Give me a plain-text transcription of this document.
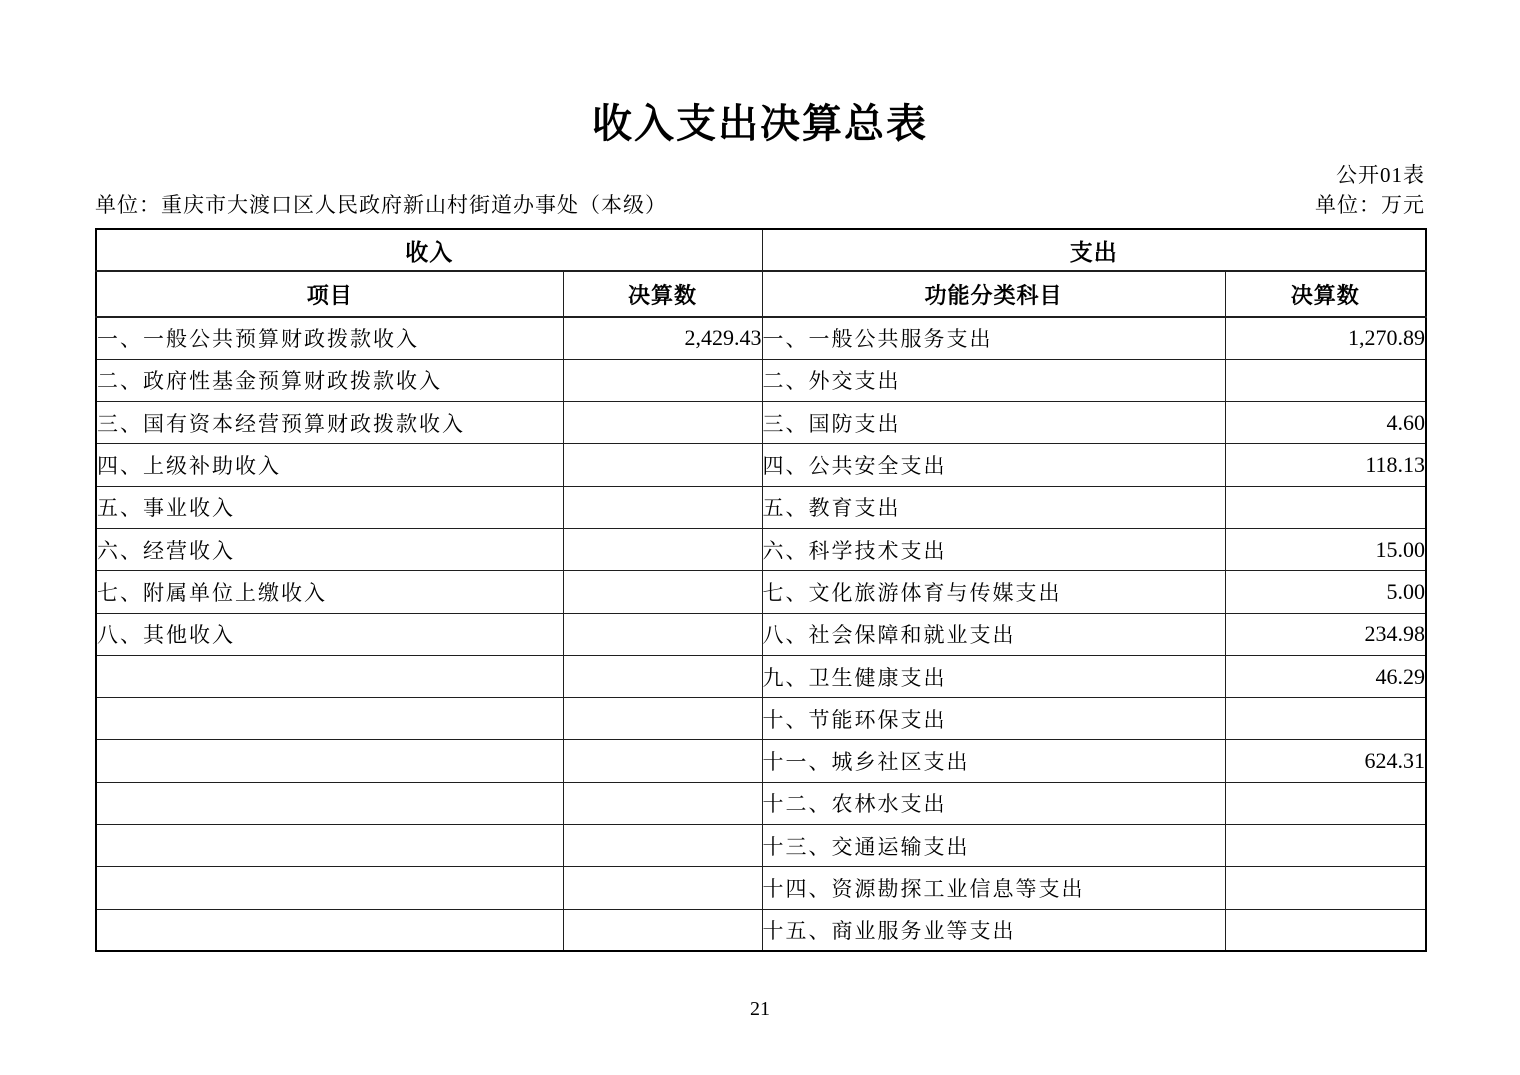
收入支出决算总表
公开01表
单位：重庆市大渡口区人民政府新山村街道办事处（本级）	单位：万元
收入		支出	
项目	决算数	功能分类科目	决算数
一、一般公共预算财政拨款收入	2,429.43	一、一般公共服务支出	1,270.89
二、政府性基金预算财政拨款收入		二、外交支出	
三、国有资本经营预算财政拨款收入		三、国防支出	4.60
四、上级补助收入		四、公共安全支出	118.13
五、事业收入		五、教育支出	
六、经营收入		六、科学技术支出	15.00
七、附属单位上缴收入		七、文化旅游体育与传媒支出	5.00
八、其他收入		八、社会保障和就业支出	234.98
		九、卫生健康支出	46.29
		十、节能环保支出	
		十一、城乡社区支出	624.31
		十二、农林水支出	
		十三、交通运输支出	
		十四、资源勘探工业信息等支出	
		十五、商业服务业等支出	
21
